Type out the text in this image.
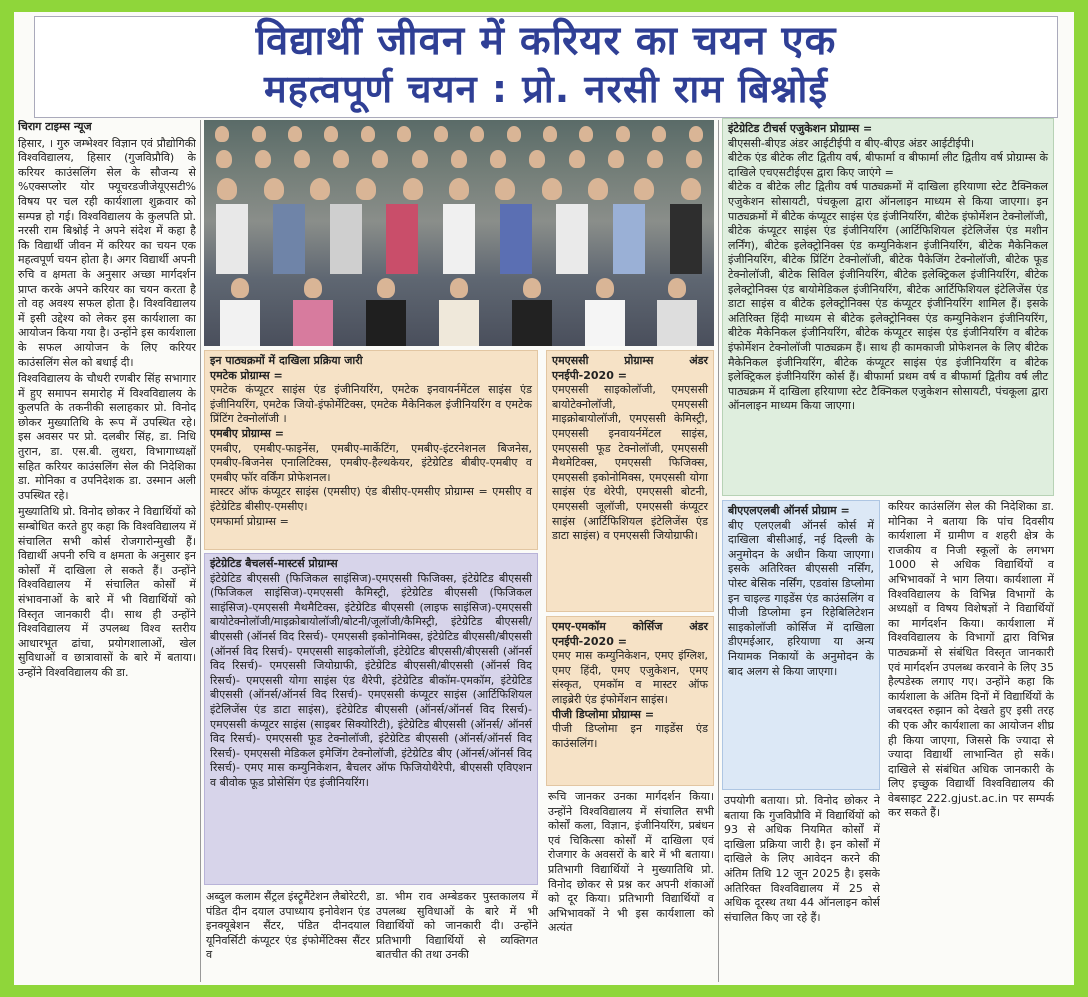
विद्यार्थी जीवन में करियर का चयन एक
महत्वपूर्ण चयन : प्रो. नरसी राम बिश्नोई

चिराग टाइम्स न्यूज

हिसार, । गुरु जम्भेश्वर विज्ञान एवं प्रौद्योगिकी विश्वविद्यालय, हिसार (गुजविप्रौवि) के करियर काउंसलिंग सेल के सौजन्य से %एक्सप्लोर योर फ्यूचरडजीजेयूएसटी% विषय पर चल रही कार्यशाला शुक्रवार को सम्पन्न हो गई। विश्वविद्यालय के कुलपति प्रो. नरसी राम बिश्नोई ने अपने संदेश में कहा है कि विद्यार्थी जीवन में करियर का चयन एक महत्वपूर्ण चयन होता है। अगर विद्यार्थी अपनी रुचि व क्षमता के अनुसार अच्छा मार्गदर्शन प्राप्त करके अपने करियर का चयन करता है तो वह अवश्य सफल होता है। विश्वविद्यालय में इसी उद्देश्य को लेकर इस कार्यशाला का आयोजन किया गया है। उन्होंने इस कार्यशाला के सफल आयोजन के लिए करियर काउंसलिंग सेल को बधाई दी।

विश्वविद्यालय के चौधरी रणबीर सिंह सभागार में हुए समापन समारोह में विश्वविद्यालय के कुलपति के तकनीकी सलाहकार प्रो. विनोद छोकर मुख्यातिथि के रूप में उपस्थित रहे। इस अवसर पर प्रो. दलबीर सिंह, डा. निधि तुरान, डा. एस.बी. लुथरा, विभागाध्यक्षों सहित करियर काउंसलिंग सेल की निदेशिका डा. मोनिका व उपनिदेशक डा. उस्मान अली उपस्थित रहे।

मुख्यातिथि प्रो. विनोद छोकर ने विद्यार्थियों को सम्बोधित करते हुए कहा कि विश्वविद्यालय में संचालित सभी कोर्स रोजगारोन्मुखी हैं। विद्यार्थी अपनी रुचि व क्षमता के अनुसार इन कोर्सों में दाखिला ले सकते हैं। उन्होंने विश्वविद्यालय में संचालित कोर्सों में संभावनाओं के बारे में भी विद्यार्थियों को विस्तृत जानकारी दी। साथ ही उन्होंने विश्वविद्यालय में उपलब्ध विश्व स्तरीय आधारभूत ढांचा, प्रयोगशालाओं, खेल सुविधाओं व छात्रावासों के बारे में बताया। उन्होंने विश्वविद्यालय की डा.

इन पाठ्यक्रमों में दाखिला प्रक्रिया जारी

एमटेक प्रोग्राम्स =

एमटेक कंप्यूटर साइंस एंड इंजीनियरिंग, एमटेक इनवायर्नमेंटल साइंस एंड इंजीनियरिंग, एमटेक जियो-इंफोर्मेटिक्स, एमटेक मैकेनिकल इंजीनियरिंग व एमटेक प्रिंटिंग टेक्नोलॉजी ।

एमबीए प्रोग्राम्स =

एमबीए, एमबीए-फाइनेंस, एमबीए-मार्केटिंग, एमबीए-इंटरनेशनल बिजनेस, एमबीए-बिजनेस एनालिटिक्स, एमबीए-हैल्थकेयर, इंटेग्रेटिड बीबीए-एमबीए व एमबीए फॉर वर्किंग प्रोफेशनल।

मास्टर ऑफ कंप्यूटर साइंस (एमसीए) एंड बीसीए-एमसीए प्रोग्राम्स = एमसीए व इंटेग्रेटिड बीसीए-एमसीए।

एमफार्मा प्रोग्राम्स =

इंटेग्रेटिड बैचलर्स-मास्टर्स प्रोग्राम्स

इंटेग्रेटिड बीएससी (फिजिकल साइंसिज)-एमएससी फिजिक्स, इंटेग्रेटिड बीएससी (फिजिकल साइंसिज)-एमएससी कैमिस्ट्री, इंटेग्रेटिड बीएससी (फिजिकल साइंसिज)-एमएससी मैथमैटिक्स, इंटेग्रेटिड बीएससी (लाइफ साइंसिज)-एमएससी बायोटेक्नोलॉजी/माइक्रोबायोलॉजी/बोटनी/जूलॉजी/कैमिस्ट्री, इंटेग्रेटिड बीएससी/बीएससी (ऑनर्स विद रिसर्च)- एमएससी इकोनोमिक्स, इंटेग्रेटिड बीएससी/बीएससी (ऑनर्स विद रिसर्च)- एमएससी साइकोलॉजी, इंटेग्रेटिड बीएससी/बीएससी (ऑनर्स विद रिसर्च)- एमएससी जियोग्राफी, इंटेग्रेटिड बीएससी/बीएससी (ऑनर्स विद रिसर्च)- एमएससी योगा साइंस एंड थैरेपी, इंटेग्रेटिड बीकॉम-एमकॉम, इंटेग्रेटिड बीएससी (ऑनर्स/ऑनर्स विद रिसर्च)- एमएससी कंप्यूटर साइंस (आर्टिफिशियल इंटेलिजेंस एंड डाटा साइंस), इंटेग्रेटिड बीएससी (ऑनर्स/ऑनर्स विद रिसर्च)- एमएससी कंप्यूटर साइंस (साइबर सिक्योरिटी), इंटेग्रेटिड बीएससी (ऑनर्स/ ऑनर्स विद रिसर्च)- एमएससी फूड टेक्नोलॉजी, इंटेग्रेटिड बीएससी (ऑनर्स/ऑनर्स विद रिसर्च)- एमएससी मेडिकल इमेजिंग टेक्नोलॉजी, इंटेग्रेटिड बीए (ऑनर्स/ऑनर्स विद रिसर्च)- एमए मास कम्युनिकेशन, बैचलर ऑफ फिजियोथैरेपी, बीएससी एविएशन व बीवोक फूड प्रोसेसिंग एंड इंजीनियरिंग।

अब्दुल कलाम सैंट्रल इंस्ट्रूमैंटेशन लैबोरेटरी, पंडित दीन दयाल उपाध्याय इनोवेशन एंड इनक्यूबेशन सैंटर, पंडित दीनदयाल यूनिवर्सिटी कंप्यूटर एंड इंफोर्मेटिक्स सैंटर व

डा. भीम राव अम्बेडकर पुस्तकालय में उपलब्ध सुविधाओं के बारे में भी विद्यार्थियों को जानकारी दी। उन्होंने प्रतिभागी विद्यार्थियों से व्यक्तिगत बातचीत की तथा उनकी

एमएससी प्रोग्राम्स अंडर एनईपी-2020 =

एमएससी साइकोलॉजी, एमएससी बायोटेक्नोलॉजी, एमएससी माइक्रोबायोलॉजी, एमएससी केमिस्ट्री, एमएससी इनवायर्नमेंटल साइंस, एमएससी फूड टेक्नोलॉजी, एमएससी मैथमेटिक्स, एमएससी फिजिक्स, एमएससी इकोनोमिक्स, एमएससी योगा साइंस एंड थेरेपी, एमएससी बोटनी, एमएससी जूलॉजी, एमएससी कंप्यूटर साइंस (आर्टिफिशियल इंटेलिजेंस एंड डाटा साइंस) व एमएससी जियोग्राफी।

एमए-एमकॉम कोर्सिज अंडर एनईपी-2020 =

एमए मास कम्युनिकेशन, एमए इंग्लिश, एमए हिंदी, एमए एजुकेशन, एमए संस्कृत, एमकॉम व मास्टर ऑफ लाइब्रेरी एंड इंफोर्मेशन साइंस।

पीजी डिप्लोमा प्रोग्राम्स =

पीजी डिप्लोमा इन गाइडेंस एंड काउंसलिंग।

रूचि जानकर उनका मार्गदर्शन किया। उन्होंने विश्वविद्यालय में संचालित सभी कोर्सों कला, विज्ञान, इंजीनियरिंग, प्रबंधन एवं चिकित्सा कोर्सों में दाखिला एवं रोजगार के अवसरों के बारे में भी बताया। प्रतिभागी विद्यार्थियों ने मुख्यातिथि प्रो. विनोद छोकर से प्रश्न कर अपनी शंकाओं को दूर किया। प्रतिभागी विद्यार्थियों व अभिभावकों ने भी इस कार्यशाला को अत्यंत

इंटेग्रेटिड टीचर्स एजुकेशन प्रोग्राम्स =

बीएससी-बीएड अंडर आईटीईपी व बीए-बीएड अंडर आईटीईपी।

बीटेक एंड बीटेक लीट द्वितीय वर्ष, बीफार्मा व बीफार्मा लीट द्वितीय वर्ष प्रोग्राम्स के दाखिले एचएसटीईएस द्वारा किए जाएंगे =

बीटेक व बीटेक लीट द्वितीय वर्ष पाठ्यक्रमों में दाखिला हरियाणा स्टेट टैक्निकल एजुकेशन सोसायटी, पंचकूला द्वारा ऑनलाइन माध्यम से किया जाएगा। इन पाठ्यक्रमों में बीटेक कंप्यूटर साइंस एंड इंजीनियरिंग, बीटेक इंफोर्मेशन टेक्नोलॉजी, बीटेक कंप्यूटर साइंस एंड इंजीनियरिंग (आर्टिफिशियल इंटेलिजेंस एंड मशीन लर्निंग), बीटेक इलेक्ट्रोनिक्स एंड कम्युनिकेशन इंजीनियरिंग, बीटेक मैकेनिकल इंजीनियरिंग, बीटेक प्रिंटिंग टेक्नोलॉजी, बीटेक पैकेजिंग टेक्नोलॉजी, बीटेक फूड टेक्नोलॉजी, बीटेक सिविल इंजीनियरिंग, बीटेक इलेक्ट्रिकल इंजीनियरिंग, बीटेक इलेक्ट्रोनिक्स एंड बायोमेडिकल इंजीनियरिंग, बीटेक आर्टिफिशियल इंटेलिजेंस एंड डाटा साइंस व बीटेक इलेक्ट्रोनिक्स एंड कंप्यूटर इंजीनियरिंग शामिल हैं। इसके अतिरिक्त हिंदी माध्यम से बीटेक इलेक्ट्रोनिक्स एंड कम्युनिकेशन इंजीनियरिंग, बीटेक मैकेनिकल इंजीनियरिंग, बीटेक कंप्यूटर साइंस एंड इंजीनियरिंग व बीटेक इंफोर्मेशन टेक्नोलॉजी पाठ्यक्रम हैं। साथ ही कामकाजी प्रोफेशनल के लिए बीटेक मैकेनिकल इंजीनियरिंग, बीटेक कंप्यूटर साइंस एंड इंजीनियरिंग व बीटेक इलेक्ट्रिकल इंजीनियरिंग कोर्स हैं। बीफार्मा प्रथम वर्ष व बीफार्मा द्वितीय वर्ष लीट पाठ्यक्रम में दाखिला हरियाणा स्टेट टैक्निकल एजुकेशन सोसायटी, पंचकूला द्वारा ऑनलाइन माध्यम किया जाएगा।

बीएएलएलबी ऑनर्स प्रोग्राम =

बीए एलएलबी ऑनर्स कोर्स में दाखिला बीसीआई, नई दिल्ली के अनुमोदन के अधीन किया जाएगा। इसके अतिरिक्त बीएससी नर्सिंग, पोस्ट बेसिक नर्सिंग, एडवांस डिप्लोमा इन चाइल्ड गाइडेंस एंड काउंसलिंग व पीजी डिप्लोमा इन रिहेबिलिटेशन साइकोलॉजी कोर्सिज में दाखिला डीएमईआर, हरियाणा या अन्य नियामक निकायों के अनुमोदन के बाद अलग से किया जाएगा।

उपयोगी बताया। प्रो. विनोद छोकर ने बताया कि गुजविप्रौवि में विद्यार्थियों को 93 से अधिक नियमित कोर्सों में दाखिला प्रक्रिया जारी है। इन कोर्सों में दाखिले के लिए आवेदन करने की अंतिम तिथि 12 जून 2025 है। इसके अतिरिक्त विश्वविद्यालय में 25 से अधिक दूरस्थ तथा 44 ऑनलाइन कोर्स संचालित किए जा रहे हैं।

करियर काउंसलिंग सेल की निदेशिका डा. मोनिका ने बताया कि पांच दिवसीय कार्यशाला में ग्रामीण व शहरी क्षेत्र के राजकीय व निजी स्कूलों के लगभग 1000 से अधिक विद्यार्थियों व अभिभावकों ने भाग लिया। कार्यशाला में विश्वविद्यालय के विभिन्न विभागों के अध्यक्षों व विषय विशेषज्ञों ने विद्यार्थियों का मार्गदर्शन किया। कार्यशाला में विश्वविद्यालय के विभागों द्वारा विभिन्न पाठ्यक्रमों से संबंधित विस्तृत जानकारी एवं मार्गदर्शन उपलब्ध करवाने के लिए 35 हैल्पडेस्क लगाए गए। उन्होंने कहा कि कार्यशाला के अंतिम दिनों में विद्यार्थियों के जबरदस्त रुझान को देखते हुए इसी तरह की एक और कार्यशाला का आयोजन शीघ्र ही किया जाएगा, जिससे कि ज्यादा से ज्यादा विद्यार्थी लाभान्वित हो सकें। दाखिले से संबंधित अधिक जानकारी के लिए इच्छुक विद्यार्थी विश्वविद्यालय की वेबसाइट 222.gjust.ac.in पर सम्पर्क कर सकते हैं।
